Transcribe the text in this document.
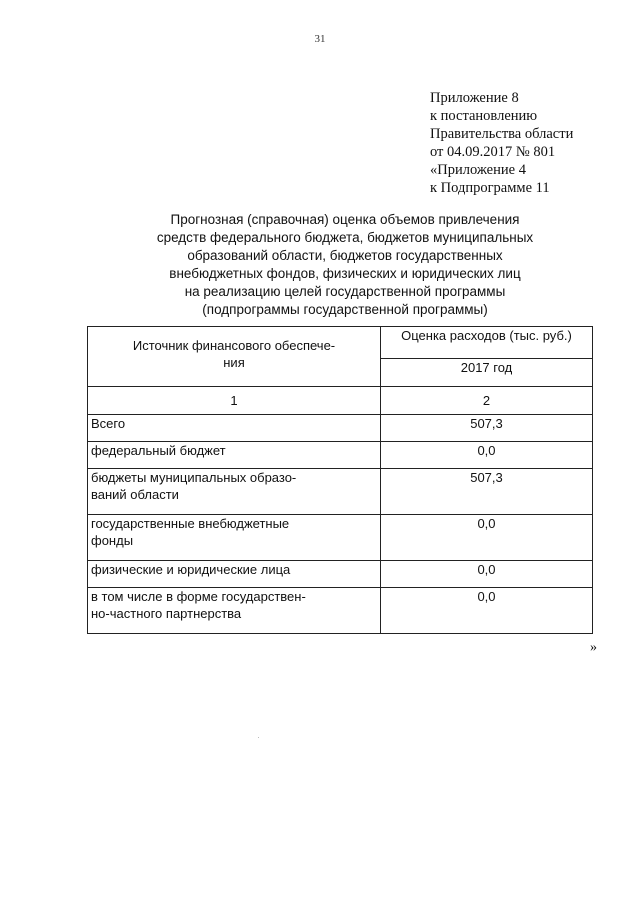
31
Приложение 8
к постановлению
Правительства области
от 04.09.2017 № 801
«Приложение 4
к Подпрограмме 11
Прогнозная (справочная) оценка объемов привлечения
средств федерального бюджета, бюджетов муниципальных
образований области, бюджетов государственных
внебюджетных фондов, физических и юридических лиц
на реализацию целей государственной программы
(подпрограммы государственной программы)
Источник финансового обеспече-
ния	Оценка расходов (тыс. руб.)
	2017 год
1	2

Всего	507,3

федеральный бюджет	0,0

бюджеты муниципальных образо-
ваний области	507,3

государственные внебюджетные
фонды	0,0

физические и юридические лица	0,0

в том числе в форме государствен-
но-частного партнерства	0,0
»
